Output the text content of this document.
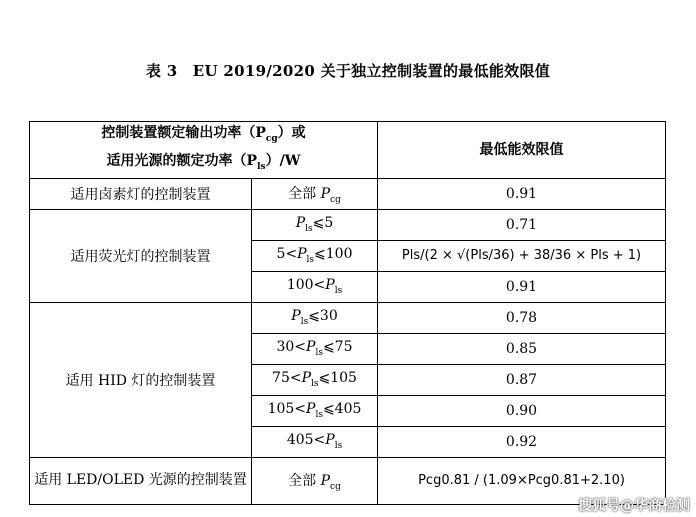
表 3　EU 2019/2020 关于独立控制装置的最低能效限值
控制装置额定输出功率$(P_{cg})$或
适用光源的额定功率$(P_{ls})/W$		最低能效限值
适用卤素灯的控制装置	全部 $P_{cg}$	0.91
适用荧光灯的控制装置	$P_{ls}⩽5$	0.71
	$5<P_{ls}⩽100$	Pls/(2 × √(Pls/36) + 38/36 × Pls + 1)
	$100<P_{ls}$	0.91
适用 HID 灯的控制装置	$P_{ls}⩽30$	0.78
	$30<P_{ls}⩽75$	0.85
	$75<P_{ls}⩽105$	0.87
	$105<P_{ls}⩽405$	0.90
	$405<P_{ls}$	0.92
适用 LED/OLED 光源的控制装置	全部 $P_{cg}$	Pcg0.81 / (1.09×Pcg0.81+2.10)
搜狐号@华商检测
